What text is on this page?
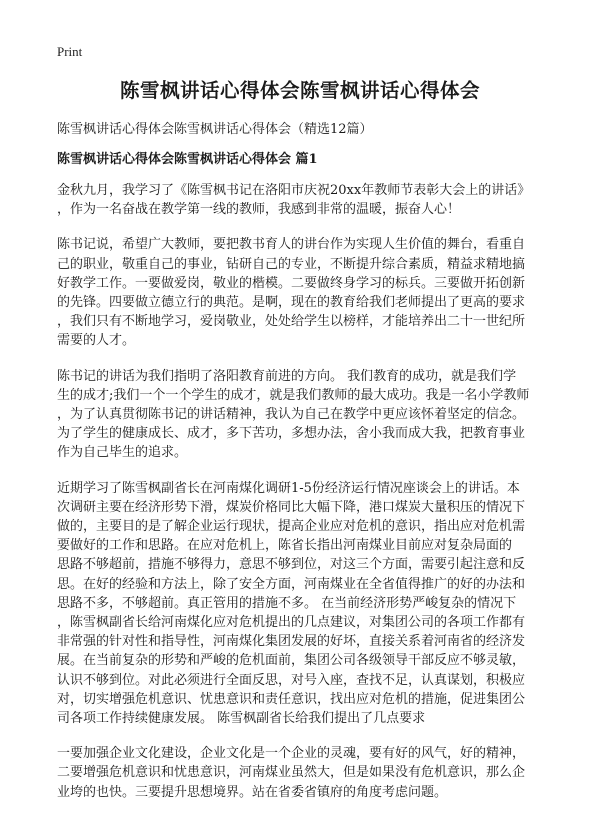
Print
陈雪枫讲话心得体会陈雪枫讲话心得体会
陈雪枫讲话心得体会陈雪枫讲话心得体会（精选12篇）
陈雪枫讲话心得体会陈雪枫讲话心得体会 篇1

金秋九月，我学习了《陈雪枫书记在洛阳市庆祝20xx年教师节表彰大会上的讲话》
，作为一名奋战在教学第一线的教师，我感到非常的温暖，振奋人心！

陈书记说，希望广大教师，要把教书育人的讲台作为实现人生价值的舞台，看重自
己的职业，敬重自己的事业，钻研自己的专业，不断提升综合素质，精益求精地搞
好教学工作。一要做爱岗，敬业的楷模。二要做终身学习的标兵。三要做开拓创新
的先锋。四要做立德立行的典范。是啊，现在的教育给我们老师提出了更高的要求
，我们只有不断地学习，爱岗敬业，处处给学生以榜样，才能培养出二十一世纪所
需要的人才。

陈书记的讲话为我们指明了洛阳教育前进的方向。 我们教育的成功，就是我们学
生的成才;我们一个一个学生的成才，就是我们教师的最大成功。我是一名小学教师
，为了认真贯彻陈书记的讲话精神，我认为自己在教学中更应该怀着坚定的信念。
为了学生的健康成长、成才，多下苦功，多想办法，舍小我而成大我，把教育事业
作为自己毕生的追求。

近期学习了陈雪枫副省长在河南煤化调研1-5份经济运行情况座谈会上的讲话。本
次调研主要在经济形势下滑，煤炭价格同比大幅下降，港口煤炭大量积压的情况下
做的，主要目的是了解企业运行现状，提高企业应对危机的意识，指出应对危机需
要做好的工作和思路。在应对危机上，陈省长指出河南煤业目前应对复杂局面的
思路不够超前，措施不够得力，意思不够到位，对这三个方面，需要引起注意和反
思。在好的经验和方法上，除了安全方面，河南煤业在全省值得推广的好的办法和
思路不多，不够超前。真正管用的措施不多。 在当前经济形势严峻复杂的情况下
，陈雪枫副省长给河南煤化应对危机提出的几点建议，对集团公司的各项工作都有
非常强的针对性和指导性，河南煤化集团发展的好坏，直接关系着河南省的经济发
展。在当前复杂的形势和严峻的危机面前，集团公司各级领导干部反应不够灵敏，
认识不够到位。对此必须进行全面反思，对号入座，查找不足，认真谋划，积极应
对，切实增强危机意识、忧患意识和责任意识，找出应对危机的措施，促进集团公
司各项工作持续健康发展。 陈雪枫副省长给我们提出了几点要求

一要加强企业文化建设，企业文化是一个企业的灵魂，要有好的风气，好的精神，
二要增强危机意识和忧患意识，河南煤业虽然大，但是如果没有危机意识，那么企
业垮的也快。三要提升思想境界。站在省委省镇府的角度考虑问题。
